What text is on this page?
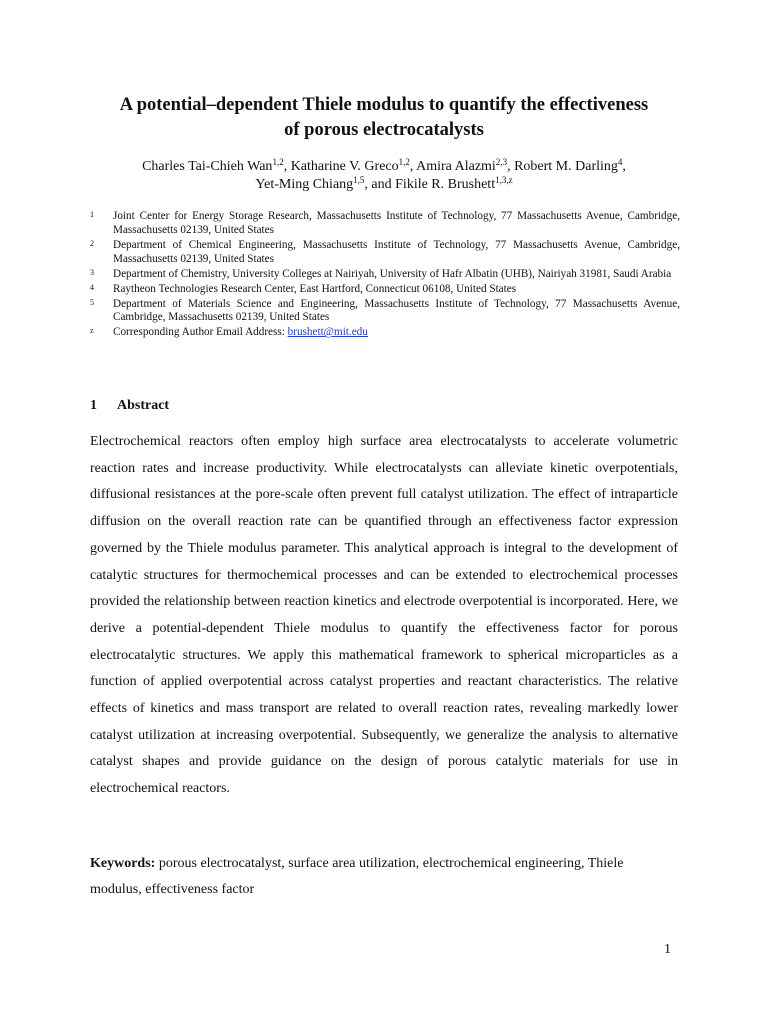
A potential–dependent Thiele modulus to quantify the effectiveness
of porous electrocatalysts
Charles Tai-Chieh Wan$^{1,2}$, Katharine V. Greco$^{1,2}$, Amira Alazmi$^{2,3}$, Robert M. Darling$^4$,
Yet-Ming Chiang$^{1,5}$, and Fikile R. Brushett$^{1,3,z}$
1	Joint Center for Energy Storage Research, Massachusetts Institute of Technology, 77 Massachusetts Avenue, Cambridge, Massachusetts 02139, United States
2	Department of Chemical Engineering, Massachusetts Institute of Technology, 77 Massachusetts Avenue, Cambridge, Massachusetts 02139, United States
3	Department of Chemistry, University Colleges at Nairiyah, University of Hafr Albatin (UHB), Nairiyah 31981, Saudi Arabia
4	Raytheon Technologies Research Center, East Hartford, Connecticut 06108, United States
5	Department of Materials Science and Engineering, Massachusetts Institute of Technology, 77 Massachusetts Avenue, Cambridge, Massachusetts 02139, United States
z	Corresponding Author Email Address: brushett@mit.edu
1 Abstract

Electrochemical reactors often employ high surface area electrocatalysts to accelerate volumetric reaction rates and increase productivity. While electrocatalysts can alleviate kinetic overpotentials, diffusional resistances at the pore-scale often prevent full catalyst utilization. The effect of intraparticle diffusion on the overall reaction rate can be quantified through an effectiveness factor expression governed by the Thiele modulus parameter. This analytical approach is integral to the development of catalytic structures for thermochemical processes and can be extended to electrochemical processes provided the relationship between reaction kinetics and electrode overpotential is incorporated. Here, we derive a potential-dependent Thiele modulus to quantify the effectiveness factor for porous electrocatalytic structures. We apply this mathematical framework to spherical microparticles as a function of applied overpotential across catalyst properties and reactant characteristics. The relative effects of kinetics and mass transport are related to overall reaction rates, revealing markedly lower catalyst utilization at increasing overpotential. Subsequently, we generalize the analysis to alternative catalyst shapes and provide guidance on the design of porous catalytic materials for use in electrochemical reactors.

Keywords: porous electrocatalyst, surface area utilization, electrochemical engineering, Thiele modulus, effectiveness factor

1
